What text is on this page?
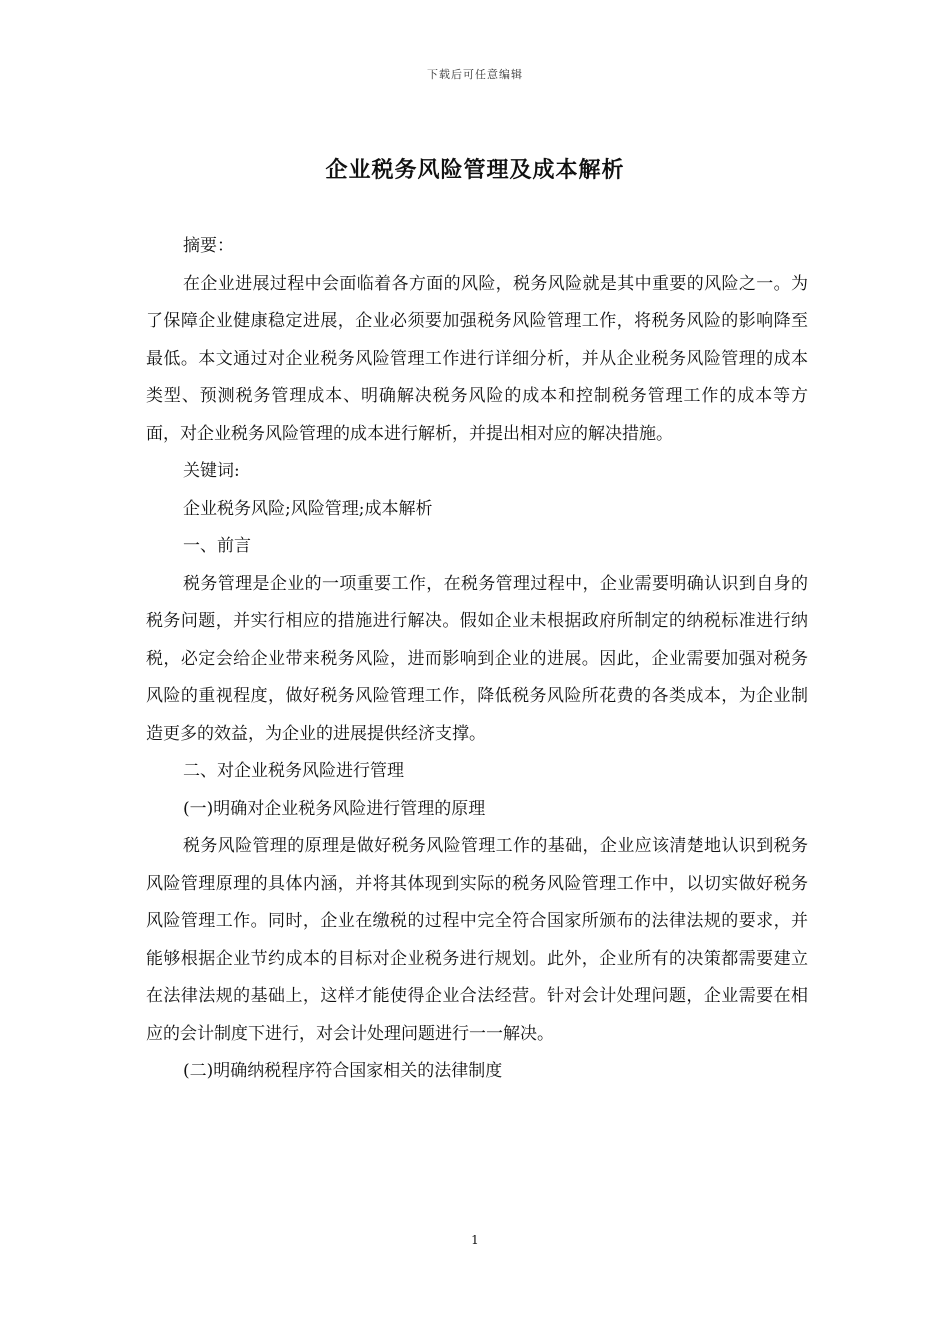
下载后可任意编辑
企业税务风险管理及成本解析

摘要：

在企业进展过程中会面临着各方面的风险，税务风险就是其中重要的风险之一。为了保障企业健康稳定进展，企业必须要加强税务风险管理工作，将税务风险的影响降至最低。本文通过对企业税务风险管理工作进行详细分析，并从企业税务风险管理的成本类型、预测税务管理成本、明确解决税务风险的成本和控制税务管理工作的成本等方面，对企业税务风险管理的成本进行解析，并提出相对应的解决措施。

关键词:

企业税务风险;风险管理;成本解析

一、前言

税务管理是企业的一项重要工作，在税务管理过程中，企业需要明确认识到自身的税务问题，并实行相应的措施进行解决。假如企业未根据政府所制定的纳税标准进行纳税，必定会给企业带来税务风险，进而影响到企业的进展。因此，企业需要加强对税务风险的重视程度，做好税务风险管理工作，降低税务风险所花费的各类成本，为企业制造更多的效益，为企业的进展提供经济支撑。

二、对企业税务风险进行管理

(一)明确对企业税务风险进行管理的原理

税务风险管理的原理是做好税务风险管理工作的基础，企业应该清楚地认识到税务风险管理原理的具体内涵，并将其体现到实际的税务风险管理工作中，以切实做好税务风险管理工作。同时，企业在缴税的过程中完全符合国家所颁布的法律法规的要求，并能够根据企业节约成本的目标对企业税务进行规划。此外，企业所有的决策都需要建立在法律法规的基础上，这样才能使得企业合法经营。针对会计处理问题，企业需要在相应的会计制度下进行，对会计处理问题进行一一解决。

(二)明确纳税程序符合国家相关的法律制度

1
